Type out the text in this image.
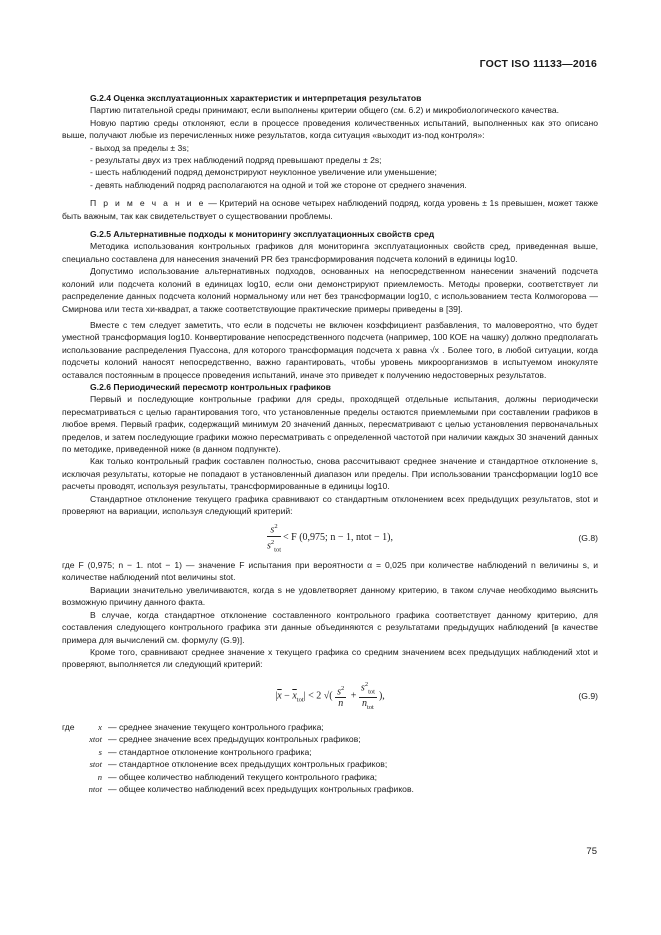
ГОСТ ISO 11133—2016

G.2.4 Оценка эксплуатационных характеристик и интерпретация результатов

Партию питательной среды принимают, если выполнены критерии общего (см. 6.2) и микробиологического качества.

Новую партию среды отклоняют, если в процессе проведения количественных испытаний, выполненных как это описано выше, получают любые из перечисленных ниже результатов, когда ситуация «выходит из-под контроля»:

- выход за пределы ± 3s;

- результаты двух из трех наблюдений подряд превышают пределы ± 2s;

- шесть наблюдений подряд демонстрируют неуклонное увеличение или уменьшение;

- девять наблюдений подряд располагаются на одной и той же стороне от среднего значения.

П р и м е ч а н и е — Критерий на основе четырех наблюдений подряд, когда уровень ± 1s превышен, может также быть важным, так как свидетельствует о существовании проблемы.

G.2.5 Альтернативные подходы к мониторингу эксплуатационных свойств сред

Методика использования контрольных графиков для мониторинга эксплуатационных свойств сред, приведенная выше, специально составлена для нанесения значений PR без трансформирования подсчета колоний в единицы log10.

Допустимо использование альтернативных подходов, основанных на непосредственном нанесении значений подсчета колоний или подсчета колоний в единицах log10, если они демонстрируют приемлемость. Методы проверки, соответствует ли распределение данных подсчета колоний нормальному или нет без трансформации log10, с использованием теста Колмогорова — Смирнова или теста хи-квадрат, а также соответствующие практические примеры приведены в [39].

Вместе с тем следует заметить, что если в подсчеты не включен коэффициент разбавления, то маловероятно, что будет уместной трансформация log10. Конвертирование непосредственного подсчета (например, 100 КОЕ на чашку) должно предполагать использование распределения Пуассона, для которого трансформация подсчета x равна √x . Более того, в любой ситуации, когда подсчеты колоний наносят непосредственно, важно гарантировать, чтобы уровень микроорганизмов в испытуемом инокуляте оставался постоянным в процессе проведения испытаний, иначе это приведет к получению недостоверных результатов.

G.2.6 Периодический пересмотр контрольных графиков

Первый и последующие контрольные графики для среды, проходящей отдельные испытания, должны периодически пересматриваться с целью гарантирования того, что установленные пределы остаются приемлемыми при составлении графиков в любое время. Первый график, содержащий минимум 20 значений данных, пересматривают с целью установления первоначальных пределов, и затем последующие графики можно пересматривать с определенной частотой при наличии каждых 30 значений данных по методике, приведенной ниже (в данном подпункте).

Как только контрольный график составлен полностью, снова рассчитывают среднее значение и стандартное отклонение s, исключая результаты, которые не попадают в установленный диапазон или пределы. При использовании трансформации log10 все расчеты проводят, используя результаты, трансформированные в единицы log10.

Стандартное отклонение текущего графика сравнивают со стандартным отклонением всех предыдущих результатов, stot и проверяют на вариации, используя следующий критерий:

$\frac{s^2}{s^2_{tot}} < F$ (0,975; n − 1, ntot − 1),	(G.8)

где F (0,975; n − 1. ntot − 1) — значение F испытания при вероятности α = 0,025 при количестве наблюдений n величины s, и количестве наблюдений ntot величины stot.

Вариации значительно увеличиваются, когда s не удовлетворяет данному критерию, в таком случае необходимо выяснить возможную причину данного факта.

В случае, когда стандартное отклонение составленного контрольного графика соответствует данному критерию, для составления следующего контрольного графика эти данные объединяются с результатами предыдущих наблюдений [в качестве примера для вычислений см. формулу (G.9)].

Кроме того, сравнивают среднее значение x текущего графика со средним значением всех предыдущих наблюдений xtot и проверяют, выполняется ли следующий критерий:

$|\overline{x} - \overline{x}_{tot}| < 2$ √( $\frac{s^2}{n} + \frac{s^2_{tot}}{n_{tot}}$ ),	(G.9)
где	x — среднее значение текущего контрольного графика;
xtot — среднее значение всех предыдущих контрольных графиков;
s — стандартное отклонение контрольного графика;
stot — стандартное отклонение всех предыдущих контрольных графиков;
n — общее количество наблюдений текущего контрольного графика;
ntot — общее количество наблюдений всех предыдущих контрольных графиков.
75
